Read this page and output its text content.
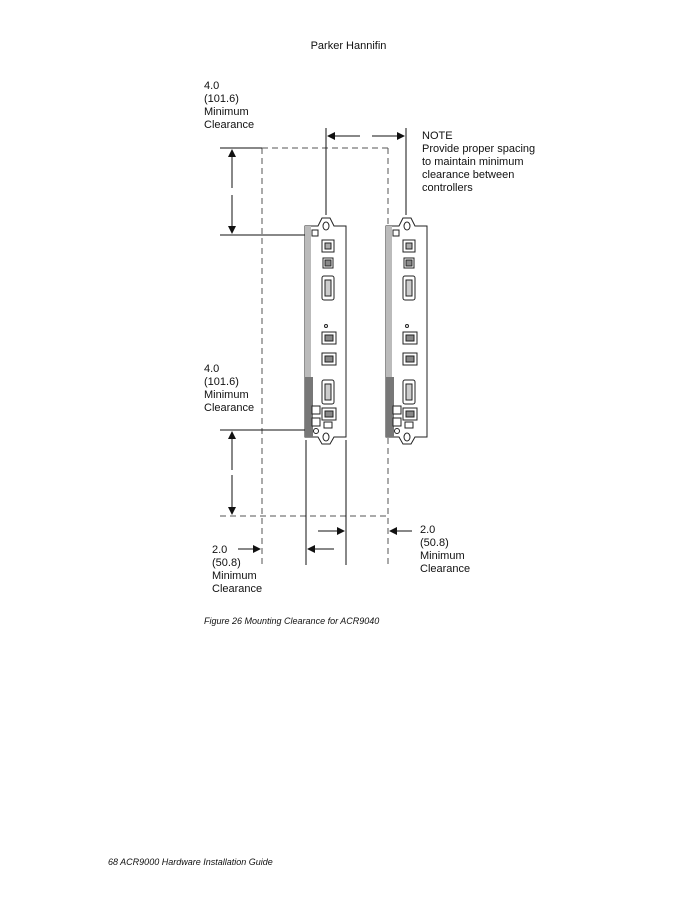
Parker Hannifin
4.0
(101.6)
Minimum
Clearance
NOTE
Provide proper spacing
to maintain minimum
clearance between
controllers
4.0
(101.6)
Minimum
Clearance
2.0
(50.8)
Minimum
Clearance
2.0
(50.8)
Minimum
Clearance
Figure 26 Mounting Clearance for ACR9040
68 ACR9000 Hardware Installation Guide
